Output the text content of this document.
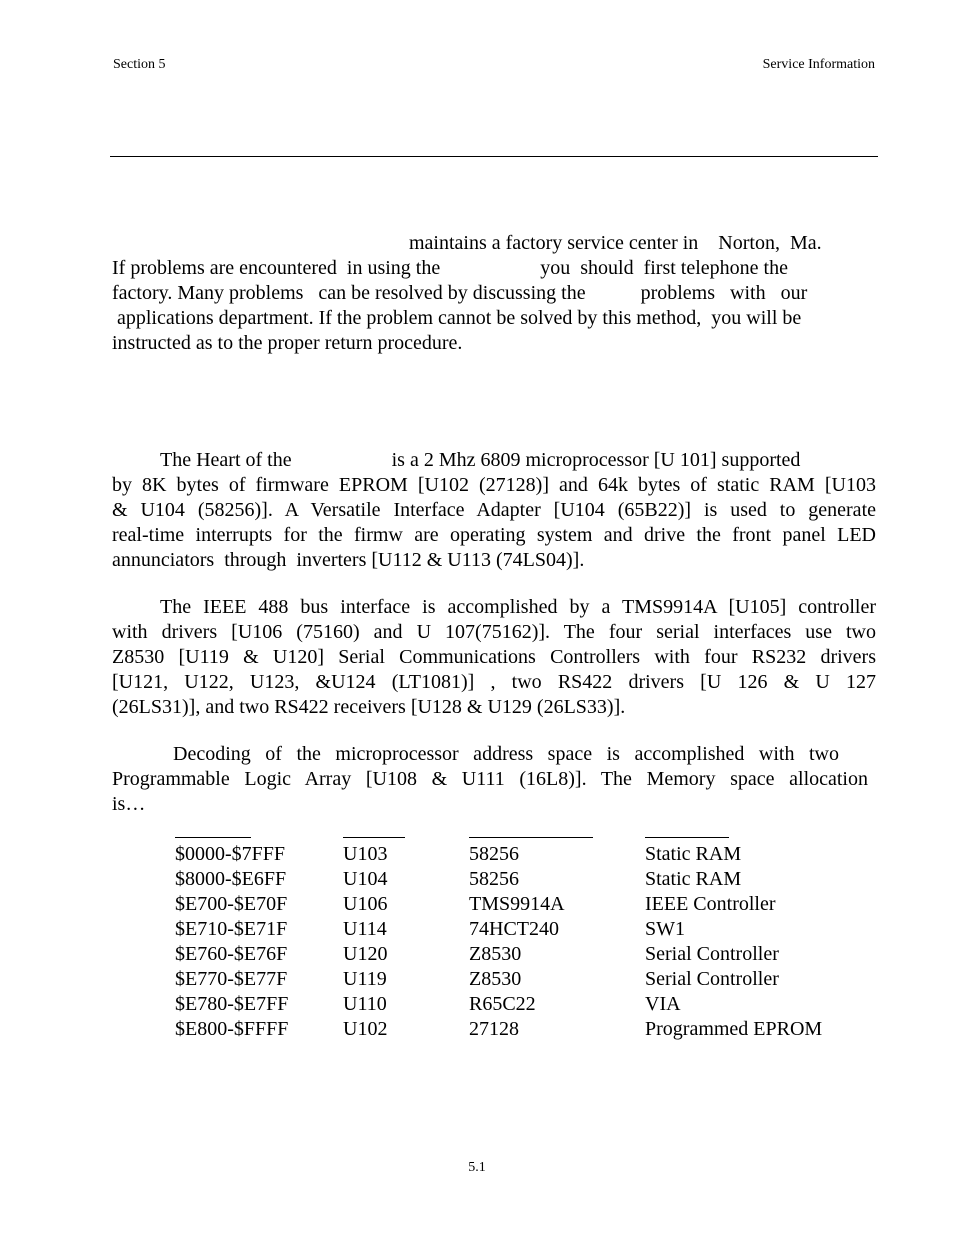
Section 5	Service Information
maintains a factory service center in    Norton,  Ma.
If problems are encountered  in using the                    you  should  first telephone the
factory. Many problems   can be resolved by discussing the           problems   with   our
applications department. If the problem cannot be solved by this method,  you will be
instructed as to the proper return procedure.
The Heart of the                    is a 2 Mhz 6809 microprocessor [U 101] supported
by 8K bytes of firmware EPROM [U102 (27128)] and 64k bytes of static RAM [U103
& U104 (58256)]. A Versatile Interface Adapter [U104 (65B22)] is used to generate
real-time interrupts for the firmw are operating system and drive the front panel LED
annunciators  through  inverters [U112 & U113 (74LS04)].
The IEEE 488 bus interface is accomplished by a TMS9914A [U105] controller
with drivers [U106 (75160) and U 107(75162)]. The four serial interfaces use two
Z8530 [U119 & U120] Serial Communications Controllers with four RS232 drivers
[U121, U122, U123, &U124 (LT1081)] , two RS422 drivers [U 126 & U 127
(26LS31)], and two RS422 receivers [U128 & U129 (26LS33)].
Decoding of the microprocessor address space is accomplished with two
Programmable Logic Array [U108 & U111 (16L8)]. The Memory space allocation
is…
$0000-$7FFF	U103	58256	Static RAM
$8000-$E6FF	U104	58256	Static RAM
$E700-$E70F	U106	TMS9914A	IEEE Controller
$E710-$E71F	U114	74HCT240	SW1
$E760-$E76F	U120	Z8530	Serial Controller
$E770-$E77F	U119	Z8530	Serial Controller
$E780-$E7FF	U110	R65C22	VIA
$E800-$FFFF	U102	27128	Programmed EPROM
5.1
